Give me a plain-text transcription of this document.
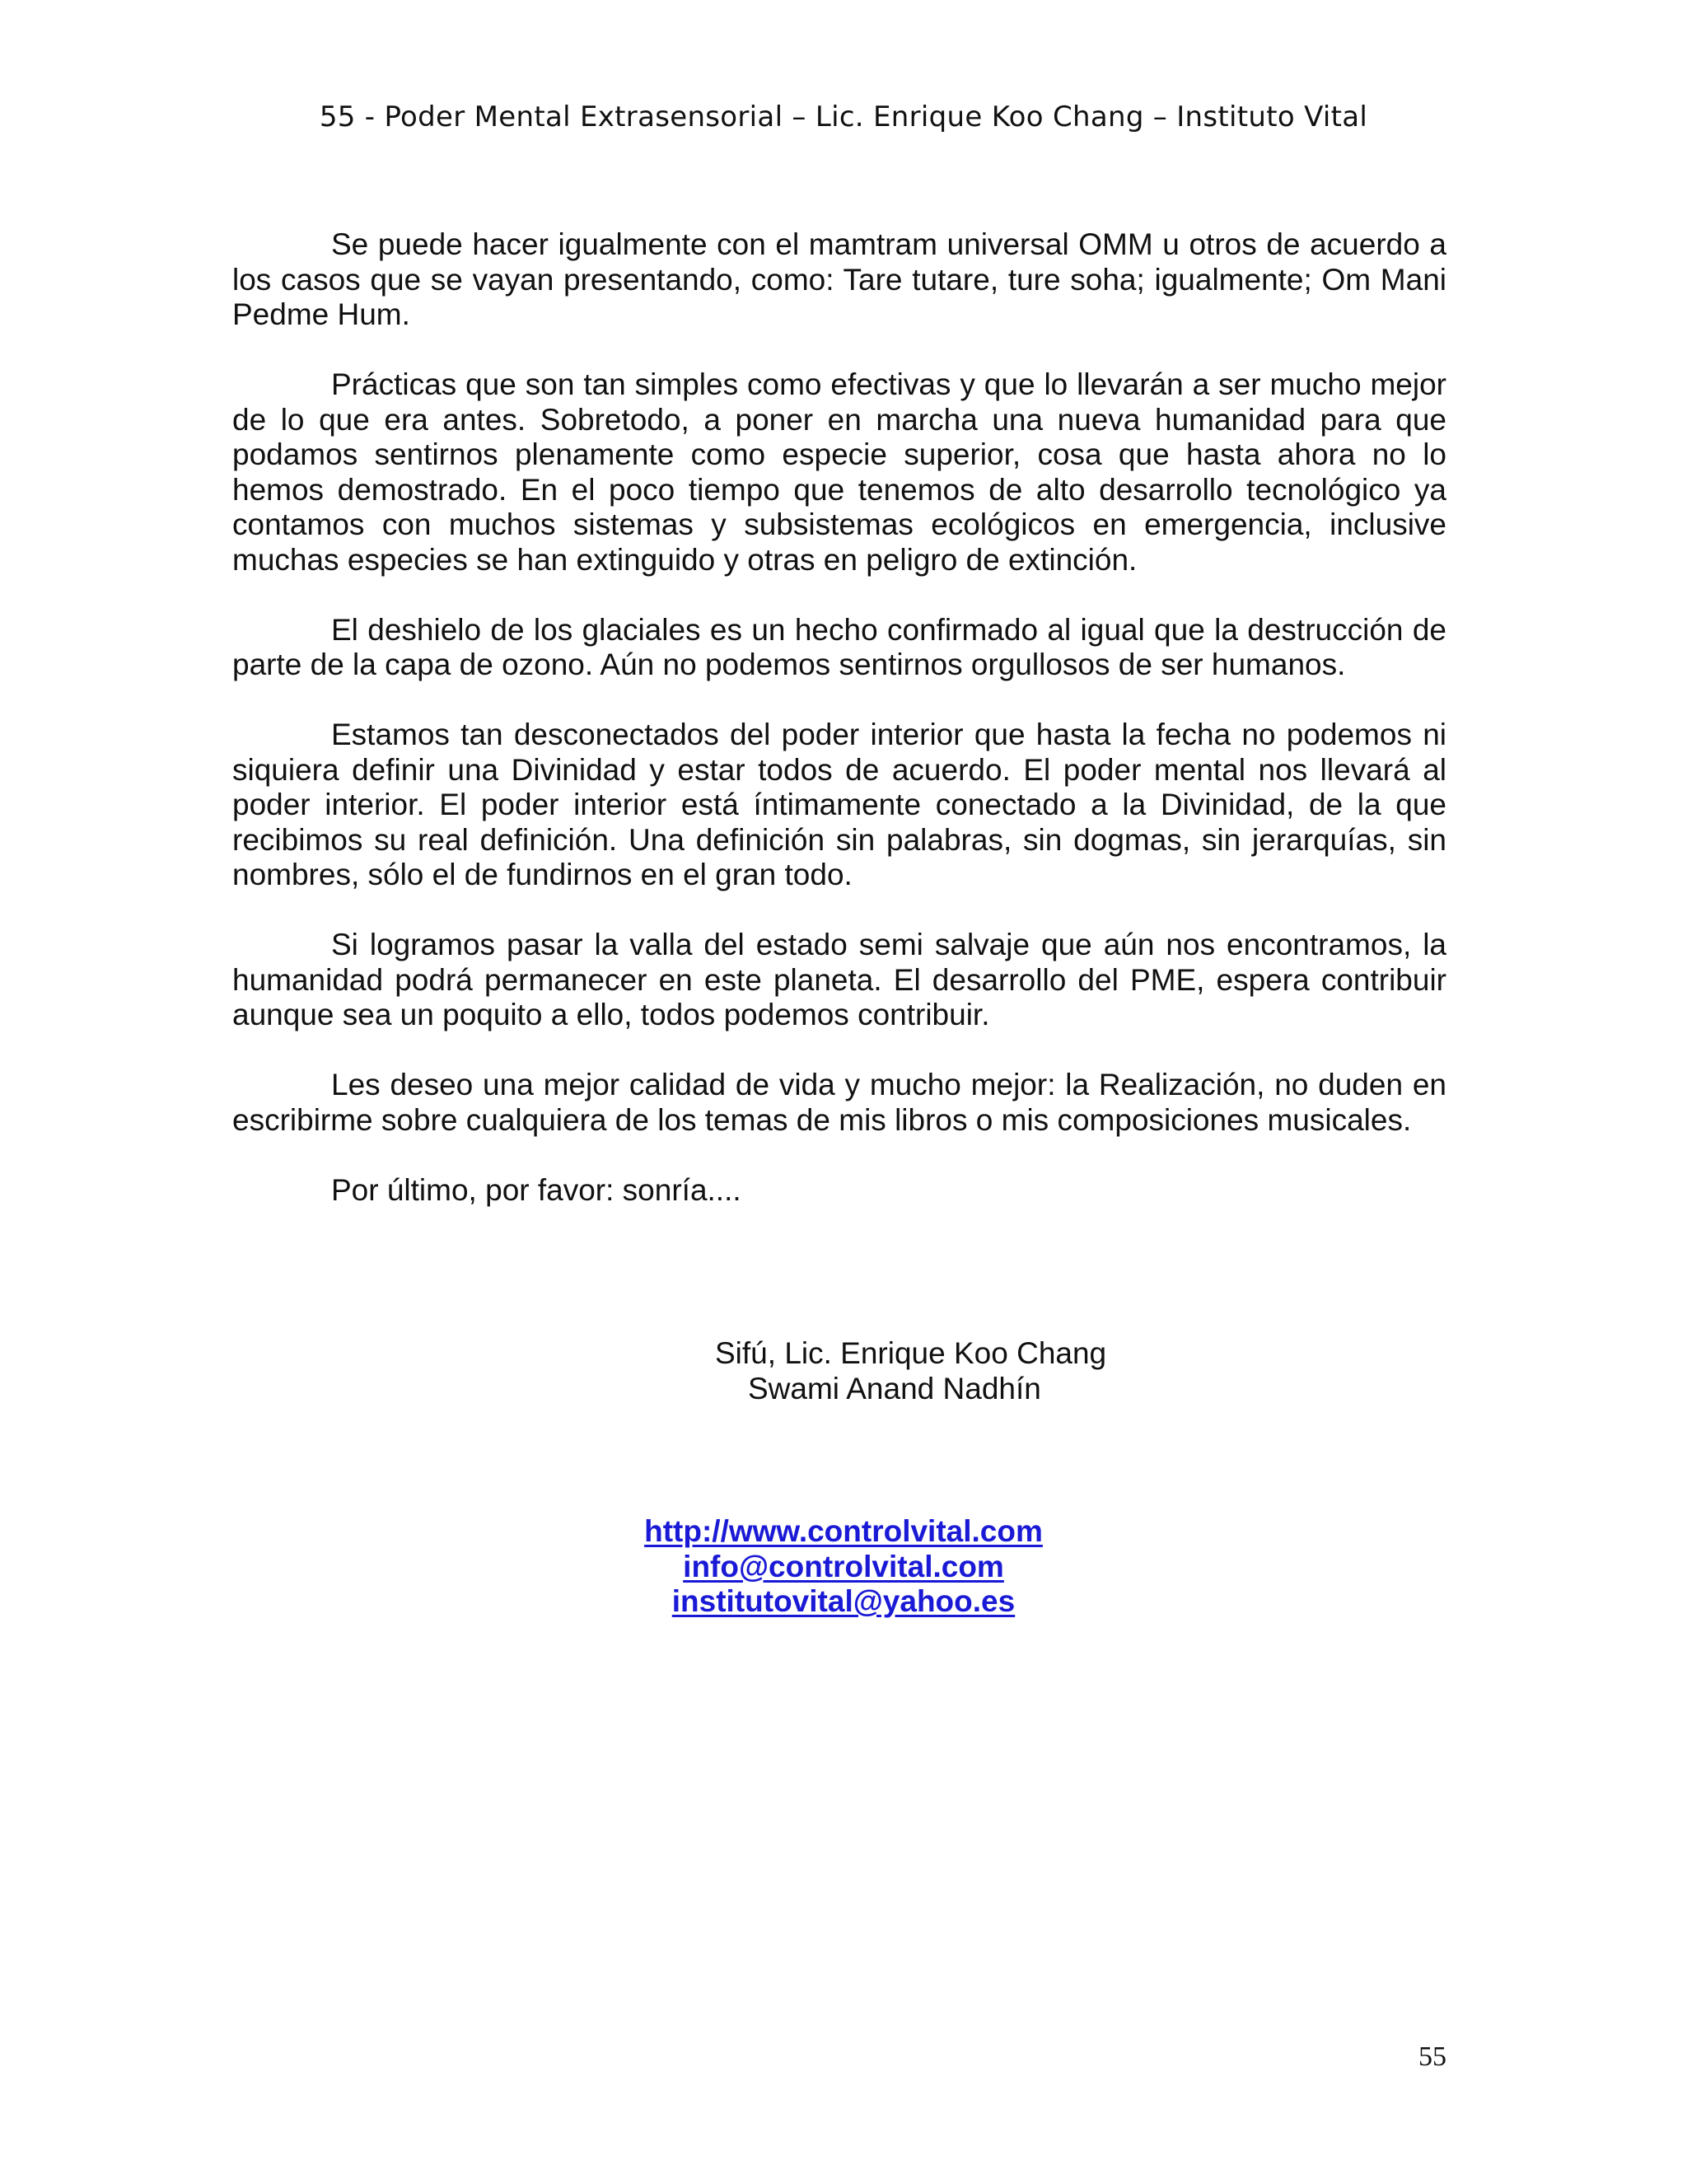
55 - Poder Mental Extrasensorial – Lic. Enrique Koo Chang – Instituto Vital

Se puede hacer igualmente con el mamtram universal OMM u otros de acuerdo a los casos que se vayan presentando, como: Tare tutare, ture soha; igualmente; Om Mani Pedme Hum.

Prácticas que son tan simples como efectivas y que lo llevarán a ser mucho mejor de lo que era antes. Sobretodo, a poner en marcha una nueva humanidad para que podamos sentirnos plenamente como especie superior, cosa que hasta ahora no lo hemos demostrado. En el poco tiempo que tenemos de alto desarrollo tecnológico ya contamos con muchos sistemas y subsistemas ecológicos en emergencia, inclusive muchas especies se han extinguido y otras en peligro de extinción.

El deshielo de los glaciales es un hecho confirmado al igual que la destrucción de parte de la capa de ozono. Aún no podemos sentirnos orgullosos de ser humanos.

Estamos tan desconectados del poder interior que hasta la fecha no podemos ni siquiera definir una Divinidad y estar todos de acuerdo. El poder mental nos llevará al poder interior. El poder interior está íntimamente conectado a la Divinidad, de la que recibimos su real definición. Una definición sin palabras, sin dogmas, sin jerarquías, sin nombres, sólo el de fundirnos en el gran todo.

Si logramos pasar la valla del estado semi salvaje que aún nos encontramos, la humanidad podrá permanecer en este planeta. El desarrollo del PME, espera contribuir aunque sea un poquito a ello, todos podemos contribuir.

Les deseo una mejor calidad de vida y mucho mejor: la Realización, no duden en escribirme sobre cualquiera de los temas de mis libros o mis composiciones musicales.

Por último, por favor: sonría....

Sifú, Lic. Enrique Koo Chang
Swami Anand Nadhín
http://www.controlvital.com
info@controlvital.com
institutovital@yahoo.es
55
